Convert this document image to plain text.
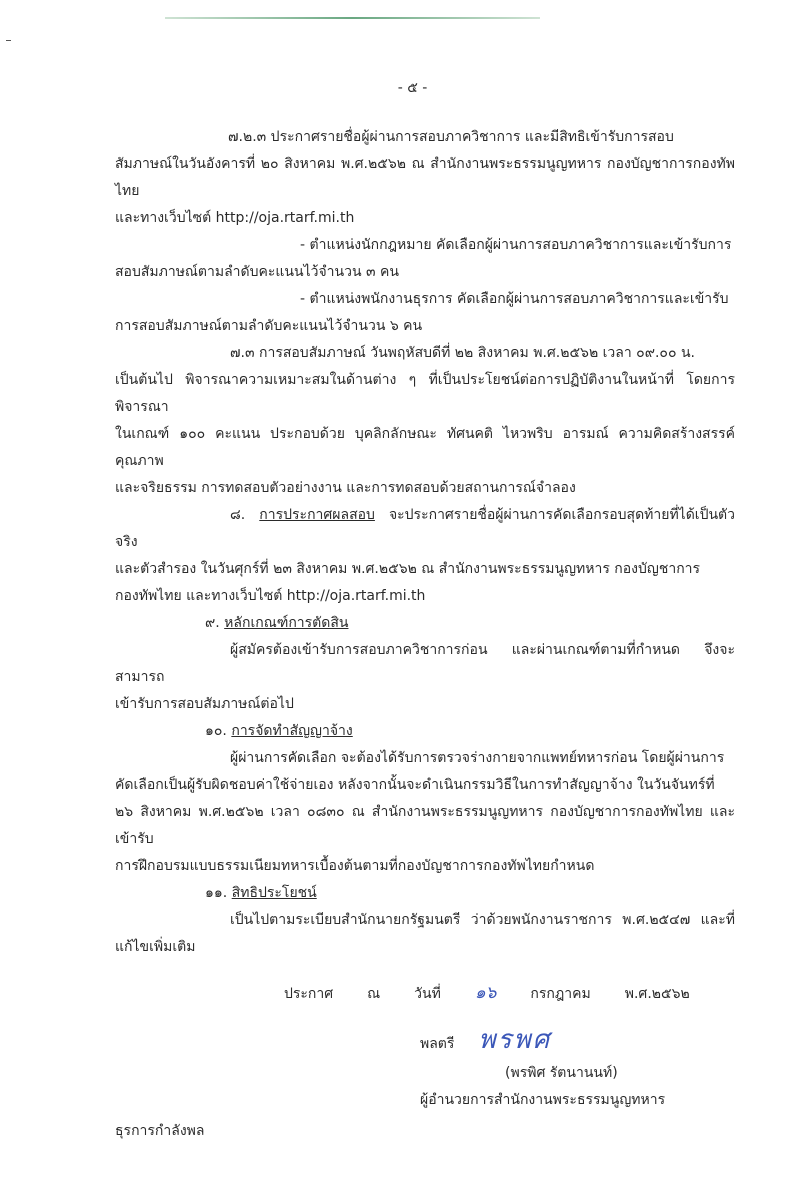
- ๕ -
๗.๒.๓ ประกาศรายชื่อผู้ผ่านการสอบภาควิชาการ และมีสิทธิเข้ารับการสอบ
สัมภาษณ์ในวันอังคารที่ ๒๐ สิงหาคม พ.ศ.๒๕๖๒ ณ สำนักงานพระธรรมนูญทหาร กองบัญชาการกองทัพไทย
และทางเว็บไซต์ http://oja.rtarf.mi.th
- ตำแหน่งนักกฎหมาย คัดเลือกผู้ผ่านการสอบภาควิชาการและเข้ารับการ
สอบสัมภาษณ์ตามลำดับคะแนนไว้จำนวน ๓ คน
- ตำแหน่งพนักงานธุรการ คัดเลือกผู้ผ่านการสอบภาควิชาการและเข้ารับ
การสอบสัมภาษณ์ตามลำดับคะแนนไว้จำนวน ๖ คน
๗.๓ การสอบสัมภาษณ์ วันพฤหัสบดีที่ ๒๒ สิงหาคม พ.ศ.๒๕๖๒ เวลา ๐๙.๐๐ น.
เป็นต้นไป พิจารณาความเหมาะสมในด้านต่าง ๆ ที่เป็นประโยชน์ต่อการปฏิบัติงานในหน้าที่ โดยการพิจารณา
ในเกณฑ์ ๑๐๐ คะแนน ประกอบด้วย บุคลิกลักษณะ ทัศนคติ ไหวพริบ อารมณ์ ความคิดสร้างสรรค์ คุณภาพ
และจริยธรรม การทดสอบตัวอย่างงาน และการทดสอบด้วยสถานการณ์จำลอง
๘. การประกาศผลสอบ จะประกาศรายชื่อผู้ผ่านการคัดเลือกรอบสุดท้ายที่ได้เป็นตัวจริง
และตัวสำรอง ในวันศุกร์ที่ ๒๓ สิงหาคม พ.ศ.๒๕๖๒ ณ สำนักงานพระธรรมนูญทหาร กองบัญชาการ
กองทัพไทย และทางเว็บไซต์ http://oja.rtarf.mi.th
๙. หลักเกณฑ์การตัดสิน
ผู้สมัครต้องเข้ารับการสอบภาควิชาการก่อน และผ่านเกณฑ์ตามที่กำหนด จึงจะสามารถ
เข้ารับการสอบสัมภาษณ์ต่อไป
๑๐. การจัดทำสัญญาจ้าง
ผู้ผ่านการคัดเลือก จะต้องได้รับการตรวจร่างกายจากแพทย์ทหารก่อน โดยผู้ผ่านการ
คัดเลือกเป็นผู้รับผิดชอบค่าใช้จ่ายเอง หลังจากนั้นจะดำเนินกรรมวิธีในการทำสัญญาจ้าง ในวันจันทร์ที่
๒๖ สิงหาคม พ.ศ.๒๕๖๒ เวลา ๐๘๓๐ ณ สำนักงานพระธรรมนูญทหาร กองบัญชาการกองทัพไทย และเข้ารับ
การฝึกอบรมแบบธรรมเนียมทหารเบื้องต้นตามที่กองบัญชาการกองทัพไทยกำหนด
๑๑. สิทธิประโยชน์
เป็นไปตามระเบียบสำนักนายกรัฐมนตรี ว่าด้วยพนักงานราชการ พ.ศ.๒๕๔๗ และที่แก้ไขเพิ่มเติม
ประกาศ ณ วันที่ ๑๖ กรกฎาคม พ.ศ.๒๕๖๒
พลตรี พรพศ
(พรพิศ รัตนานนท์)
ผู้อำนวยการสำนักงานพระธรรมนูญทหาร
ธุรการกำลังพล
